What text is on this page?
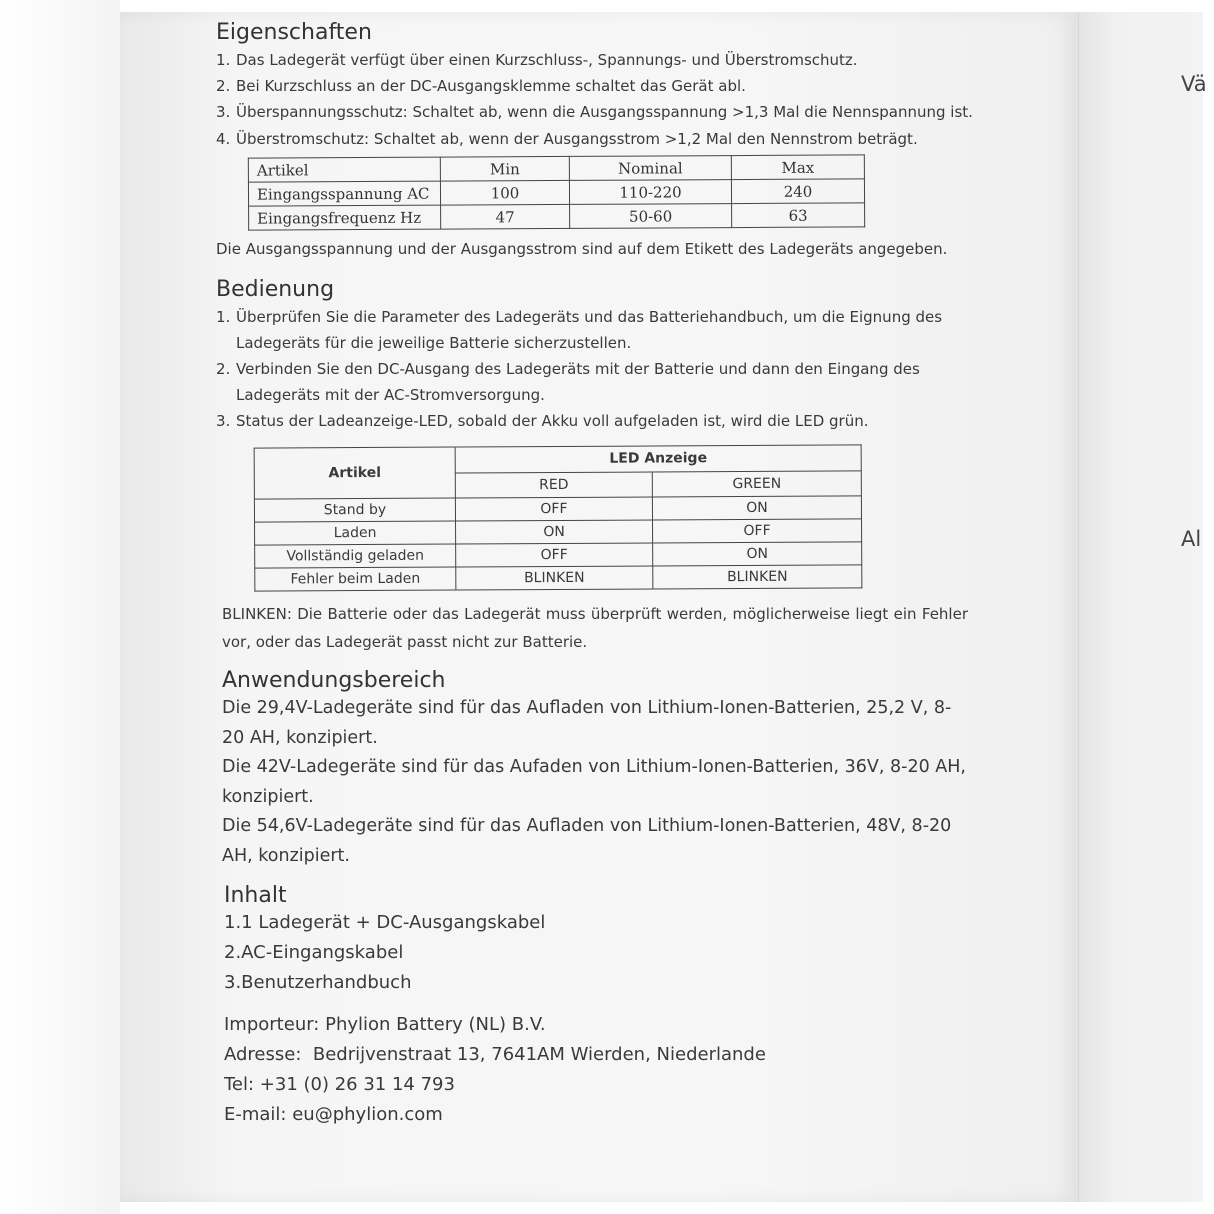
Eigenschaften
1. Das Ladegerät verfügt über einen Kurzschluss-, Spannungs- und Überstromschutz.
2. Bei Kurzschluss an der DC-Ausgangsklemme schaltet das Gerät abl.
3. Überspannungsschutz: Schaltet ab, wenn die Ausgangsspannung >1,3 Mal die Nennspannung ist.
4. Überstromschutz: Schaltet ab, wenn der Ausgangsstrom >1,2 Mal den Nennstrom beträgt.
Artikel	Min	Nominal	Max
Eingangsspannung AC	100	110-220	240
Eingangsfrequenz Hz	47	50-60	63
Die Ausgangsspannung und der Ausgangsstrom sind auf dem Etikett des Ladegeräts angegeben.
Bedienung
1. Überprüfen Sie die Parameter des Ladegeräts und das Batteriehandbuch, um die Eignung des Ladegeräts für die jeweilige Batterie sicherzustellen.
2. Verbinden Sie den DC-Ausgang des Ladegeräts mit der Batterie und dann den Eingang des Ladegeräts mit der AC-Stromversorgung.
3. Status der Ladeanzeige-LED, sobald der Akku voll aufgeladen ist, wird die LED grün.
Artikel	LED Anzeige	
	RED	GREEN
Stand by	OFF	ON
Laden	ON	OFF
Vollständig geladen	OFF	ON
Fehler beim Laden	BLINKEN	BLINKEN
BLINKEN: Die Batterie oder das Ladegerät muss überprüft werden, möglicherweise liegt ein Fehler vor, oder das Ladegerät passt nicht zur Batterie.
Anwendungsbereich

Die 29,4V-Ladegeräte sind für das Aufladen von Lithium-Ionen-Batterien, 25,2 V, 8-20 AH, konzipiert.

Die 42V-Ladegeräte sind für das Aufaden von Lithium-Ionen-Batterien, 36V, 8-20 AH, konzipiert.

Die 54,6V-Ladegeräte sind für das Aufladen von Lithium-Ionen-Batterien, 48V, 8-20 AH, konzipiert.

Inhalt

1.1 Ladegerät + DC-Ausgangskabel

2.AC-Eingangskabel

3.Benutzerhandbuch

Importeur: Phylion Battery (NL) B.V.

Adresse:  Bedrijvenstraat 13, 7641AM Wierden, Niederlande

Tel: +31 (0) 26 31 14 793

E-mail: eu@phylion.com

Vä
Al
